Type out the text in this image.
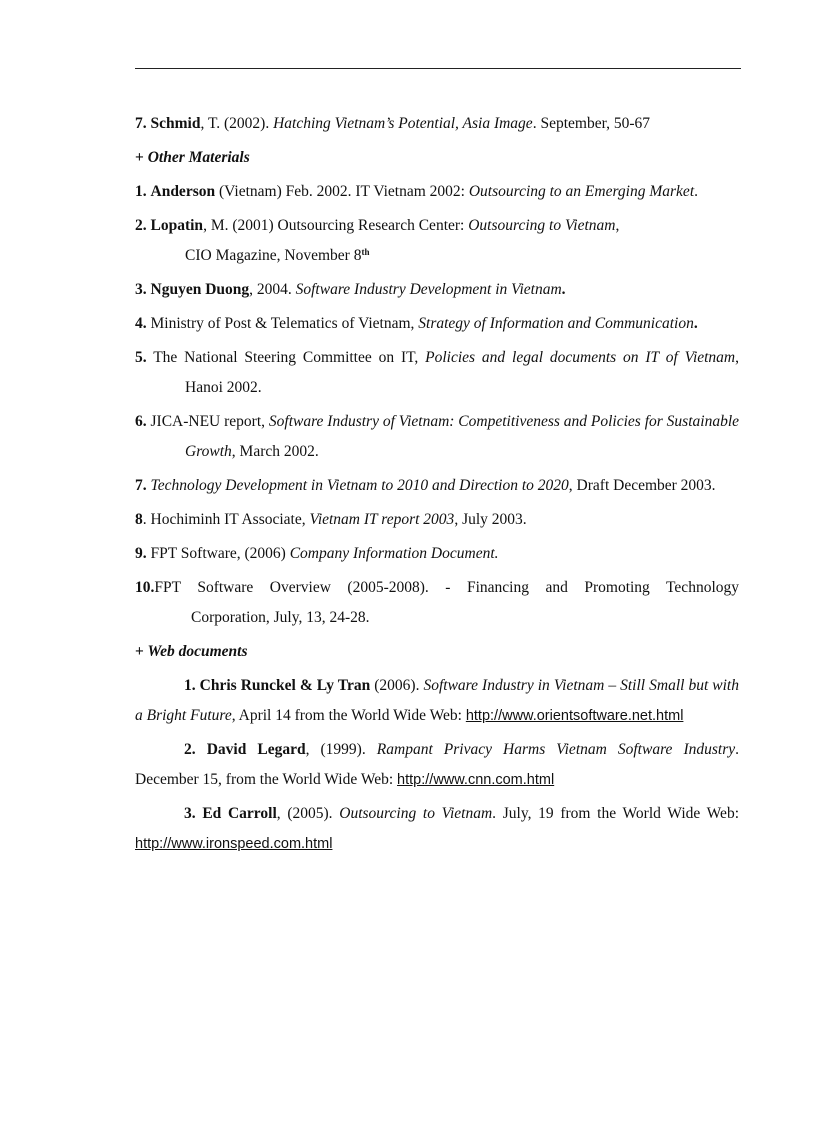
7. Schmid, T. (2002). Hatching Vietnam’s Potential, Asia Image. September, 50-67

+ Other Materials

1. Anderson (Vietnam) Feb. 2002. IT Vietnam 2002: Outsourcing to an Emerging Market.

2. Lopatin, M. (2001) Outsourcing Research Center: Outsourcing to Vietnam,
CIO Magazine, November 8th

3. Nguyen Duong, 2004. Software Industry Development in Vietnam.

4. Ministry of Post & Telematics of Vietnam, Strategy of Information and Communication.

5. The National Steering Committee on IT, Policies and legal documents on IT of Vietnam, Hanoi 2002.

6. JICA-NEU report, Software Industry of Vietnam: Competitiveness and Policies for Sustainable Growth, March 2002.

7. Technology Development in Vietnam to 2010 and Direction to 2020, Draft December 2003.

8. Hochiminh IT Associate, Vietnam IT report 2003, July 2003.

9. FPT Software, (2006) Company Information Document.

10.FPT Software Overview (2005-2008). - Financing and Promoting Technology
Corporation, July, 13, 24-28.

+ Web documents

1. Chris Runckel & Ly Tran (2006). Software Industry in Vietnam – Still Small but with a Bright Future, April 14 from the World Wide Web: http://www.orientsoftware.net.html

2. David Legard, (1999). Rampant Privacy Harms Vietnam Software Industry. December 15, from the World Wide Web: http://www.cnn.com.html

3. Ed Carroll, (2005). Outsourcing to Vietnam. July, 19 from the World Wide Web: http://www.ironspeed.com.html
